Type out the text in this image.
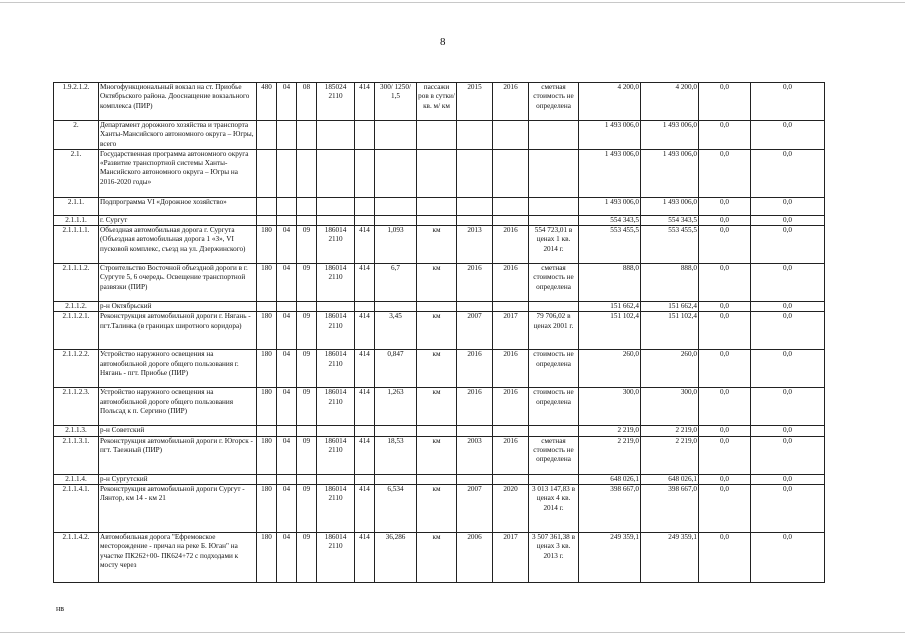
8
1.9.2.1.2.	Многофункциональный вокзал на ст. Приобье Октябрьского района. Дооснащение вокзального комплекса (ПИР)	480	04	08	185024 2110	414	300/ 1250/ 1,5	пассажи ров в сутки/ кв. м/ км	2015	2016	сметная стоимость не определена	4 200,0	4 200,0	0,0	0,0
2.	Департамент дорожного хозяйства и транспорта Ханты-Мансийского автономного округа – Югры, всего											1 493 006,0	1 493 006,0	0,0	0,0
2.1.	Государственная программа автономного округа «Развитие транспортной системы Ханты-Мансийского автономного округа – Югры на 2016-2020 годы»											1 493 006,0	1 493 006,0	0,0	0,0
2.1.1.	Подпрограмма VI «Дорожное хозяйство»											1 493 006,0	1 493 006,0	0,0	0,0
2.1.1.1.	г. Сургут											554 343,5	554 343,5	0,0	0,0
2.1.1.1.1.	Объездная автомобильная дорога г. Сургута (Объездная автомобильная дорога 1 «З», VI пусковой комплекс, съезд на ул. Дзержинского)	180	04	09	186014 2110	414	1,093	км	2013	2016	554 723,01 в ценах 1 кв. 2014 г.	553 455,5	553 455,5	0,0	0,0
2.1.1.1.2.	Строительство Восточной объездной дороги в г. Сургуте 5, 6 очередь. Освещение транспортной развязки (ПИР)	180	04	09	186014 2110	414	6,7	км	2016	2016	сметная стоимость не определена	888,0	888,0	0,0	0,0
2.1.1.2.	р-н Октябрьский											151 662,4	151 662,4	0,0	0,0
2.1.1.2.1.	Реконструкция автомобильной дороги г. Нягань - пгт.Талинка (в границах широтного коридора)	180	04	09	186014 2110	414	3,45	км	2007	2017	79 706,02 в ценах 2001 г.	151 102,4	151 102,4	0,0	0,0
2.1.1.2.2.	Устройство наружного освещения на автомобильной дороге общего пользования г. Нягань - пгт. Приобье (ПИР)	180	04	09	186014 2110	414	0,847	км	2016	2016	стоимость не определена	260,0	260,0	0,0	0,0
2.1.1.2.3.	Устройство наружного освещения на автомобильной дороге общего пользования Польсад к п. Сергино (ПИР)	180	04	09	186014 2110	414	1,263	км	2016	2016	стоимость не определена	300,0	300,0	0,0	0,0
2.1.1.3.	р-н Советский											2 219,0	2 219,0	0,0	0,0
2.1.1.3.1.	Реконструкция автомобильной дороги г. Югорск - пгт. Таежный (ПИР)	180	04	09	186014 2110	414	18,53	км	2003	2016	сметная стоимость не определена	2 219,0	2 219,0	0,0	0,0
2.1.1.4.	р-н Сургутский											648 026,1	648 026,1	0,0	0,0
2.1.1.4.1.	Реконструкция автомобильной дороги Сургут - Лянтор, км 14 - км 21	180	04	09	186014 2110	414	6,534	км	2007	2020	3 013 147,83 в ценах 4 кв. 2014 г.	398 667,0	398 667,0	0,0	0,0
2.1.1.4.2.	Автомобильная дорога "Ефремовское месторождение - причал на реке Б. Юган" на участке ПК262+00- ПК624+72 с подходами к мосту через	180	04	09	186014 2110	414	36,286	км	2006	2017	3 507 361,38 в ценах 3 кв. 2013 г.	249 359,1	249 359,1	0,0	0,0
нв
